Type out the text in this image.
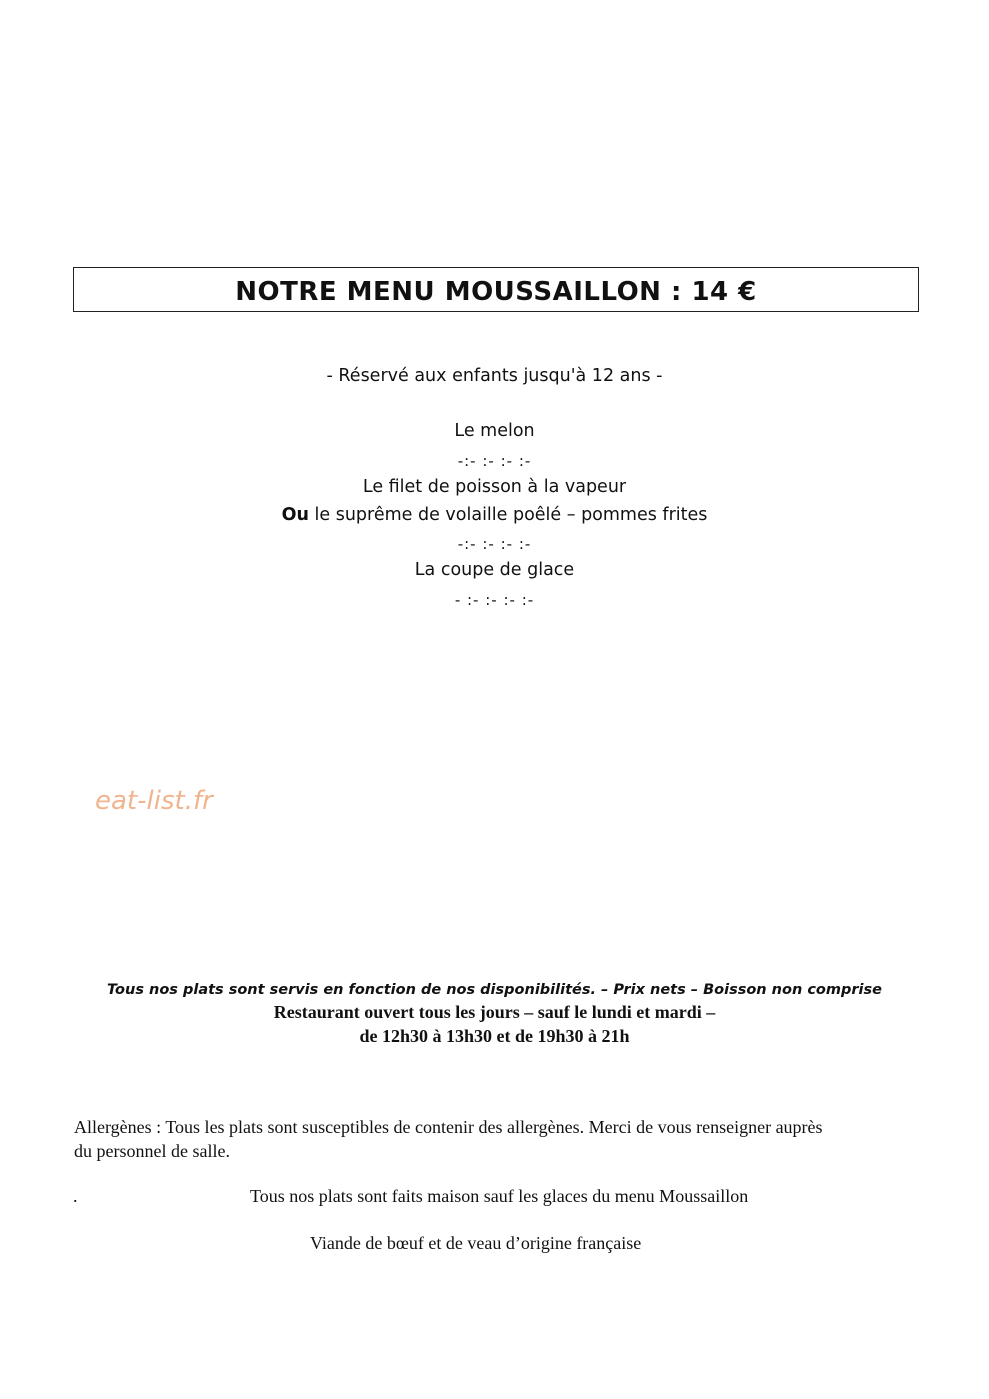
NOTRE MENU MOUSSAILLON : 14 €
- Réservé aux enfants jusqu'à 12 ans -
Le melon
-:- :- :- :-
Le filet de poisson à la vapeur
Ou le suprême de volaille poêlé – pommes frites
-:- :- :- :-
La coupe de glace
- :- :- :- :-
eat-list.fr
Tous nos plats sont servis en fonction de nos disponibilités. – Prix nets – Boisson non comprise
Restaurant ouvert tous les jours – sauf le lundi et mardi –
de 12h30 à 13h30 et de 19h30 à 21h
Allergènes : Tous les plats sont susceptibles de contenir des allergènes. Merci de vous renseigner auprès
du personnel de salle.
.	Tous nos plats sont faits maison sauf les glaces du menu Moussaillon
Viande de bœuf et de veau d’origine française
